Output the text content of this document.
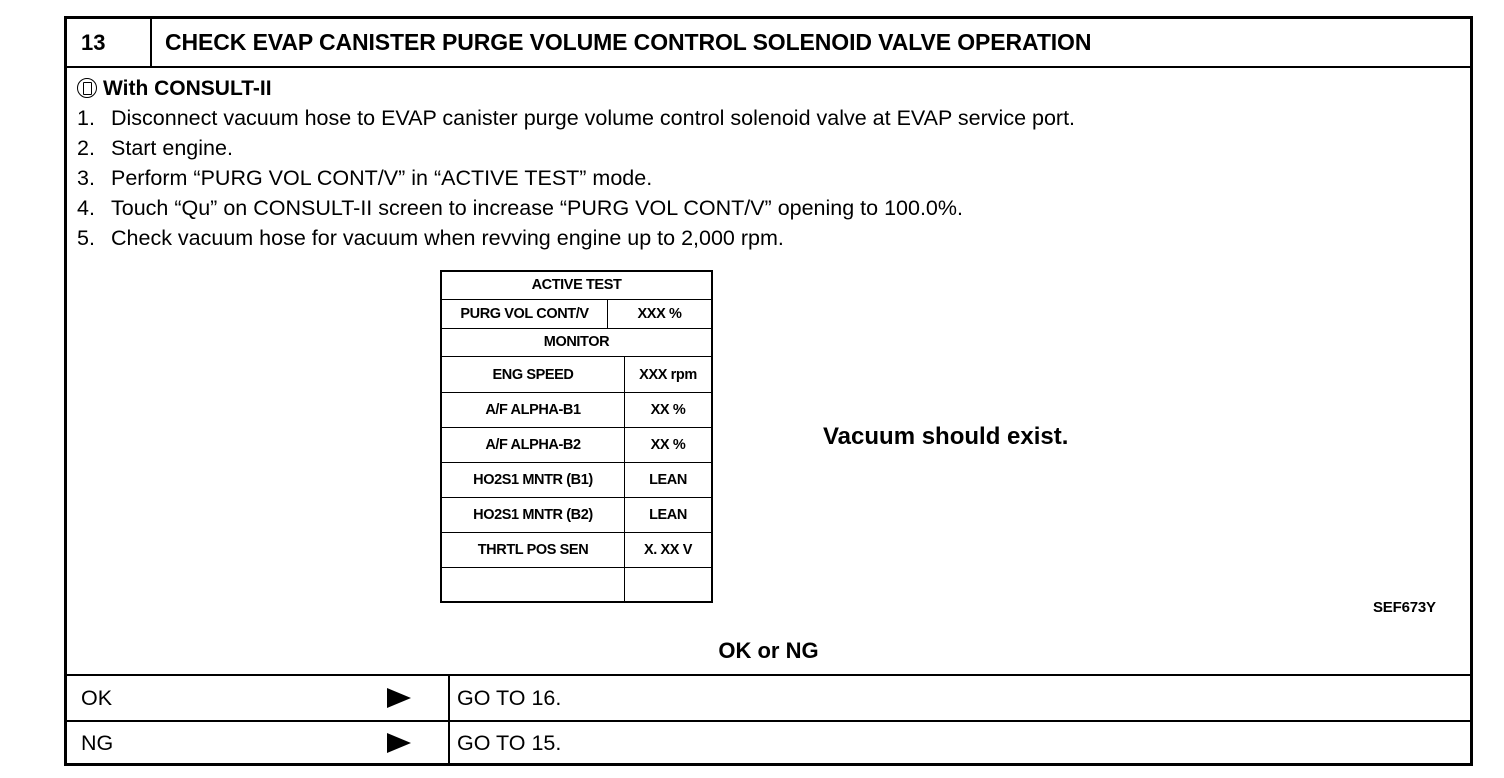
13	CHECK EVAP CANISTER PURGE VOLUME CONTROL SOLENOID VALVE OPERATION
With CONSULT-II
1. Disconnect vacuum hose to EVAP canister purge volume control solenoid valve at EVAP service port.
2. Start engine.
3. Perform “PURG VOL CONT/V” in “ACTIVE TEST” mode.
4. Touch “Qu” on CONSULT-II screen to increase “PURG VOL CONT/V” opening to 100.0%.
5. Check vacuum hose for vacuum when revving engine up to 2,000 rpm.
ACTIVE TEST
PURG VOL CONT/V	XXX %
MONITOR
ENG SPEED	XXX rpm
A/F ALPHA-B1	XX %
A/F ALPHA-B2	XX %
HO2S1 MNTR (B1)	LEAN
HO2S1 MNTR (B2)	LEAN
THRTL POS SEN	X. XX V
Vacuum should exist.
SEF673Y
OK or NG
OK	GO TO 16.
NG	GO TO 15.
